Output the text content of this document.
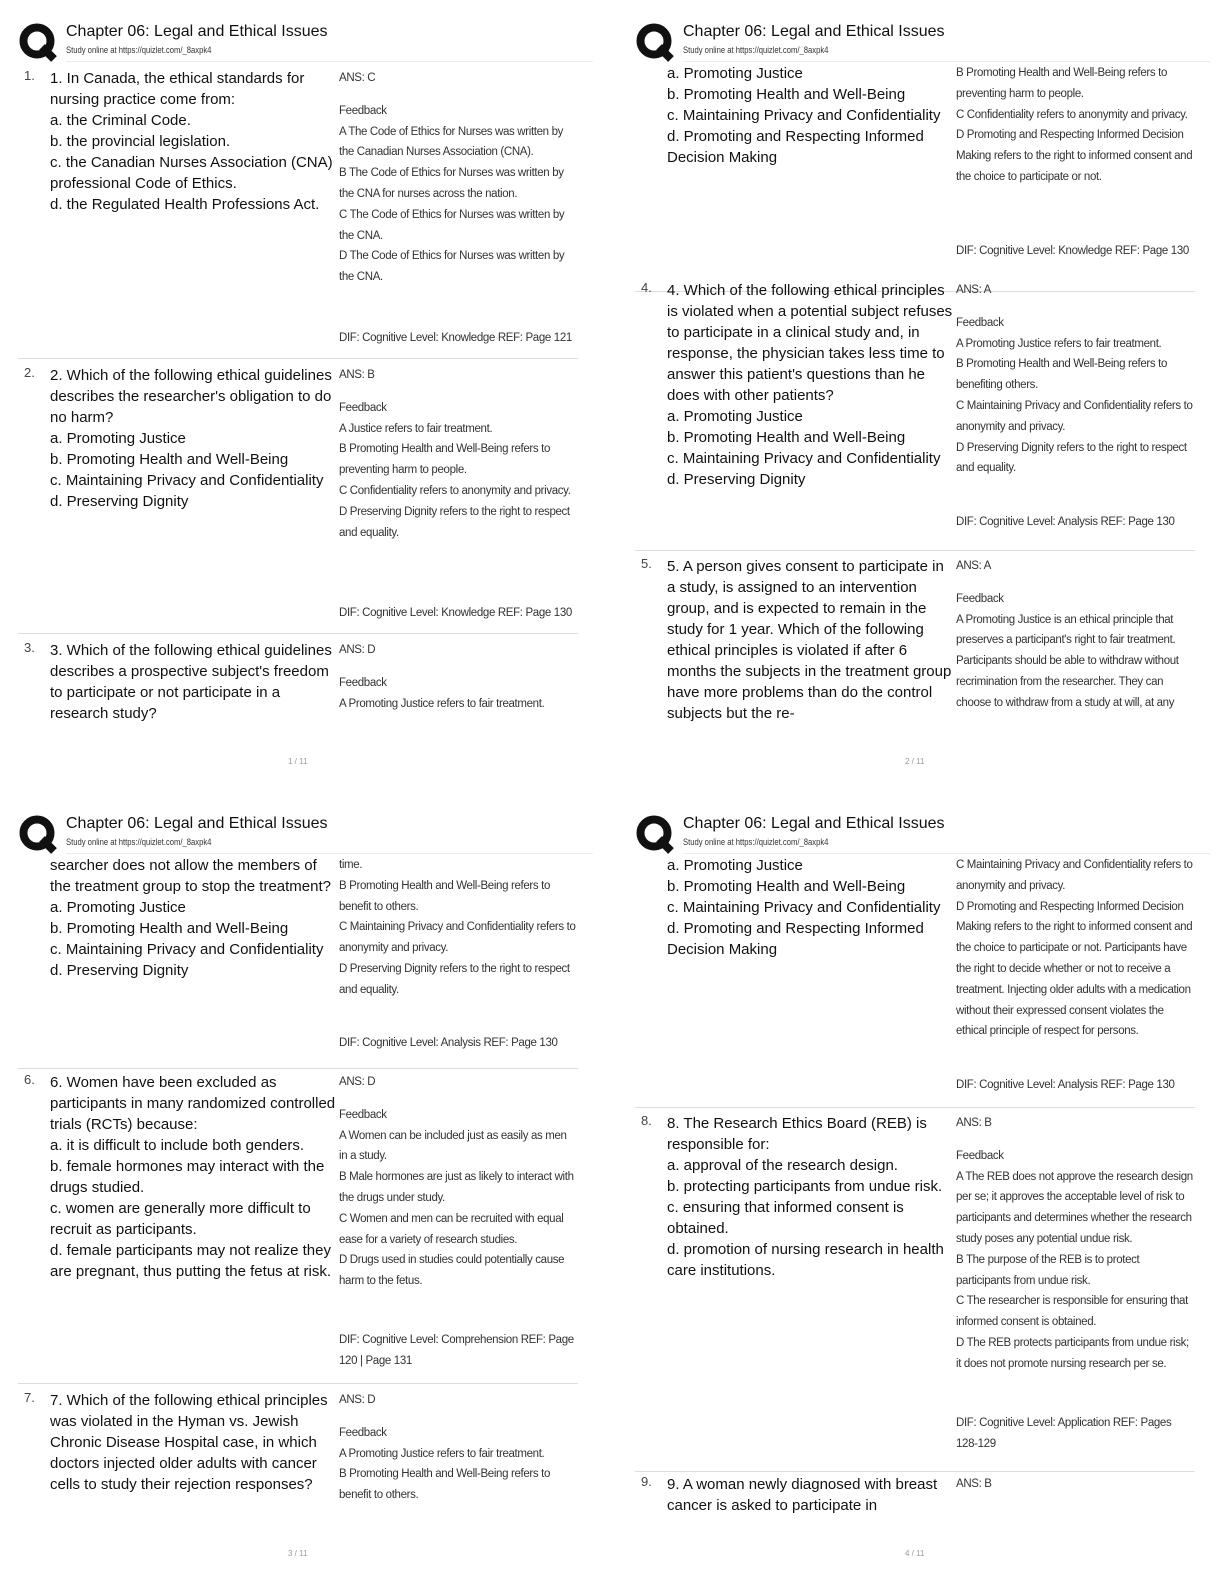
Chapter 06: Legal and Ethical Issues
Study online at https://quizlet.com/_8axpk4
1. 1. In Canada, the ethical standards for nursing practice come from:
a. the Criminal Code.
b. the provincial legislation.
c. the Canadian Nurses Association (CNA) professional Code of Ethics.
d. the Regulated Health Professions Act.
ANS: C
Feedback
A The Code of Ethics for Nurses was written by the Canadian Nurses Association (CNA).
B The Code of Ethics for Nurses was written by the CNA for nurses across the nation.
C The Code of Ethics for Nurses was written by the CNA.
D The Code of Ethics for Nurses was written by the CNA.
DIF: Cognitive Level: Knowledge REF: Page 121
2. 2. Which of the following ethical guidelines describes the researcher's obligation to do no harm?
a. Promoting Justice
b. Promoting Health and Well-Being
c. Maintaining Privacy and Confidentiality
d. Preserving Dignity
ANS: B
Feedback
A Justice refers to fair treatment.
B Promoting Health and Well-Being refers to preventing harm to people.
C Confidentiality refers to anonymity and privacy.
D Preserving Dignity refers to the right to respect and equality.
DIF: Cognitive Level: Knowledge REF: Page 130
3. 3. Which of the following ethical guidelines describes a prospective subject's freedom to participate or not participate in a research study?
ANS: D
Feedback
A Promoting Justice refers to fair treatment.
1 / 11
Chapter 06: Legal and Ethical Issues
Study online at https://quizlet.com/_8axpk4
a. Promoting Justice
b. Promoting Health and Well-Being
c. Maintaining Privacy and Confidentiality
d. Promoting and Respecting Informed Decision Making
B Promoting Health and Well-Being refers to preventing harm to people.
C Confidentiality refers to anonymity and privacy.
D Promoting and Respecting Informed Decision Making refers to the right to informed consent and the choice to participate or not.
DIF: Cognitive Level: Knowledge REF: Page 130
4. 4. Which of the following ethical principles is violated when a potential subject refuses to participate in a clinical study and, in response, the physician takes less time to answer this patient's questions than he does with other patients?
a. Promoting Justice
b. Promoting Health and Well-Being
c. Maintaining Privacy and Confidentiality
d. Preserving Dignity
ANS: A
Feedback
A Promoting Justice refers to fair treatment.
B Promoting Health and Well-Being refers to benefiting others.
C Maintaining Privacy and Confidentiality refers to anonymity and privacy.
D Preserving Dignity refers to the right to respect and equality.
DIF: Cognitive Level: Analysis REF: Page 130
5. 5. A person gives consent to participate in a study, is assigned to an intervention group, and is expected to remain in the study for 1 year. Which of the following ethical principles is violated if after 6 months the subjects in the treatment group have more problems than do the control subjects but the re-
ANS: A
Feedback
A Promoting Justice is an ethical principle that preserves a participant's right to fair treatment. Participants should be able to withdraw without recrimination from the researcher. They can choose to withdraw from a study at will, at any
2 / 11
Chapter 06: Legal and Ethical Issues
Study online at https://quizlet.com/_8axpk4
searcher does not allow the members of the treatment group to stop the treatment?
a. Promoting Justice
b. Promoting Health and Well-Being
c. Maintaining Privacy and Confidentiality
d. Preserving Dignity
time.
B Promoting Health and Well-Being refers to benefit to others.
C Maintaining Privacy and Confidentiality refers to anonymity and privacy.
D Preserving Dignity refers to the right to respect and equality.
DIF: Cognitive Level: Analysis REF: Page 130
6. 6. Women have been excluded as participants in many randomized controlled trials (RCTs) because:
a. it is difficult to include both genders.
b. female hormones may interact with the drugs studied.
c. women are generally more difficult to recruit as participants.
d. female participants may not realize they are pregnant, thus putting the fetus at risk.
ANS: D
Feedback
A Women can be included just as easily as men in a study.
B Male hormones are just as likely to interact with the drugs under study.
C Women and men can be recruited with equal ease for a variety of research studies.
D Drugs used in studies could potentially cause harm to the fetus.
DIF: Cognitive Level: Comprehension REF: Page 120 | Page 131
7. 7. Which of the following ethical principles was violated in the Hyman vs. Jewish Chronic Disease Hospital case, in which doctors injected older adults with cancer cells to study their rejection responses?
ANS: D
Feedback
A Promoting Justice refers to fair treatment.
B Promoting Health and Well-Being refers to benefit to others.
3 / 11
Chapter 06: Legal and Ethical Issues
Study online at https://quizlet.com/_8axpk4
a. Promoting Justice
b. Promoting Health and Well-Being
c. Maintaining Privacy and Confidentiality
d. Promoting and Respecting Informed Decision Making
C Maintaining Privacy and Confidentiality refers to anonymity and privacy.
D Promoting and Respecting Informed Decision Making refers to the right to informed consent and the choice to participate or not. Participants have the right to decide whether or not to receive a treatment. Injecting older adults with a medication without their expressed consent violates the ethical principle of respect for persons.
DIF: Cognitive Level: Analysis REF: Page 130
8. 8. The Research Ethics Board (REB) is responsible for:
a. approval of the research design.
b. protecting participants from undue risk.
c. ensuring that informed consent is obtained.
d. promotion of nursing research in health care institutions.
ANS: B
Feedback
A The REB does not approve the research design per se; it approves the acceptable level of risk to participants and determines whether the research study poses any potential undue risk.
B The purpose of the REB is to protect participants from undue risk.
C The researcher is responsible for ensuring that informed consent is obtained.
D The REB protects participants from undue risk; it does not promote nursing research per se.
DIF: Cognitive Level: Application REF: Pages 128-129
9. 9. A woman newly diagnosed with breast cancer is asked to participate in
ANS: B
4 / 11
